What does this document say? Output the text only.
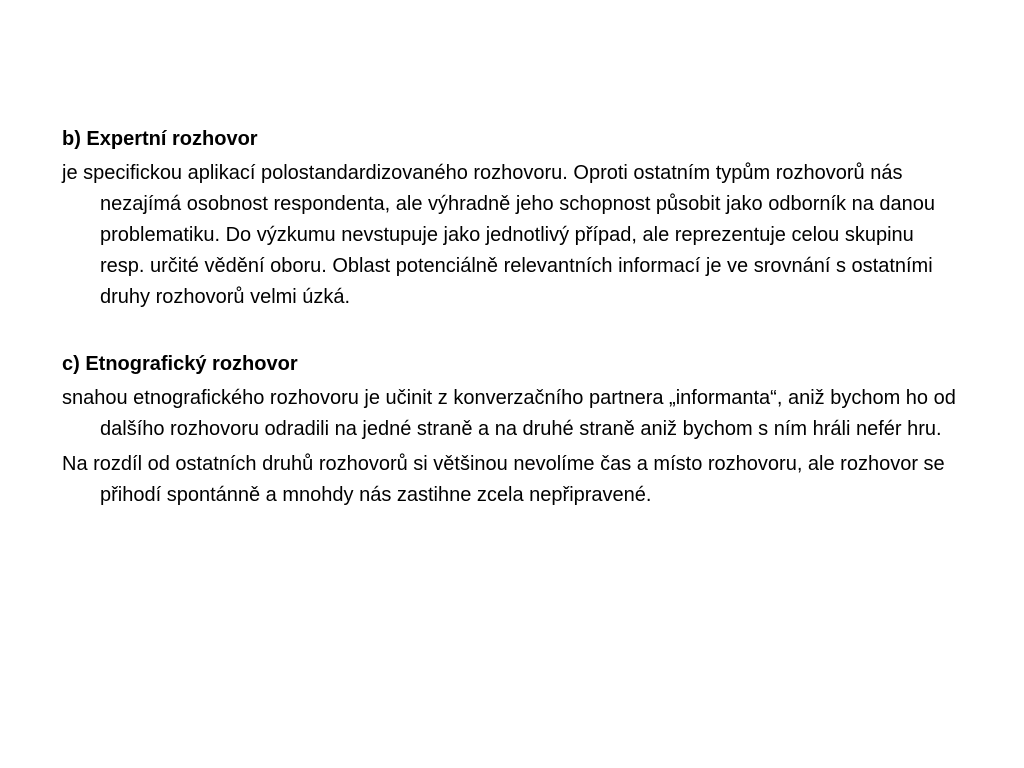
b) Expertní rozhovor
je specifickou aplikací polostandardizovaného rozhovoru. Oproti ostatním typům rozhovorů nás nezajímá osobnost respondenta, ale výhradně jeho schopnost působit jako odborník na danou problematiku. Do výzkumu nevstupuje jako jednotlivý případ, ale reprezentuje celou skupinu resp. určité vědění oboru. Oblast potenciálně relevantních informací je ve srovnání s ostatními druhy rozhovorů velmi úzká.
c) Etnografický rozhovor
snahou etnografického rozhovoru je učinit z konverzačního partnera „informanta“, aniž bychom ho od dalšího rozhovoru odradili na jedné straně a na druhé straně aniž bychom s ním hráli nefér hru.
Na rozdíl od ostatních druhů rozhovorů si většinou nevolíme čas a místo rozhovoru, ale rozhovor se přihodí spontánně a mnohdy nás zastihne zcela nepřipravené.
